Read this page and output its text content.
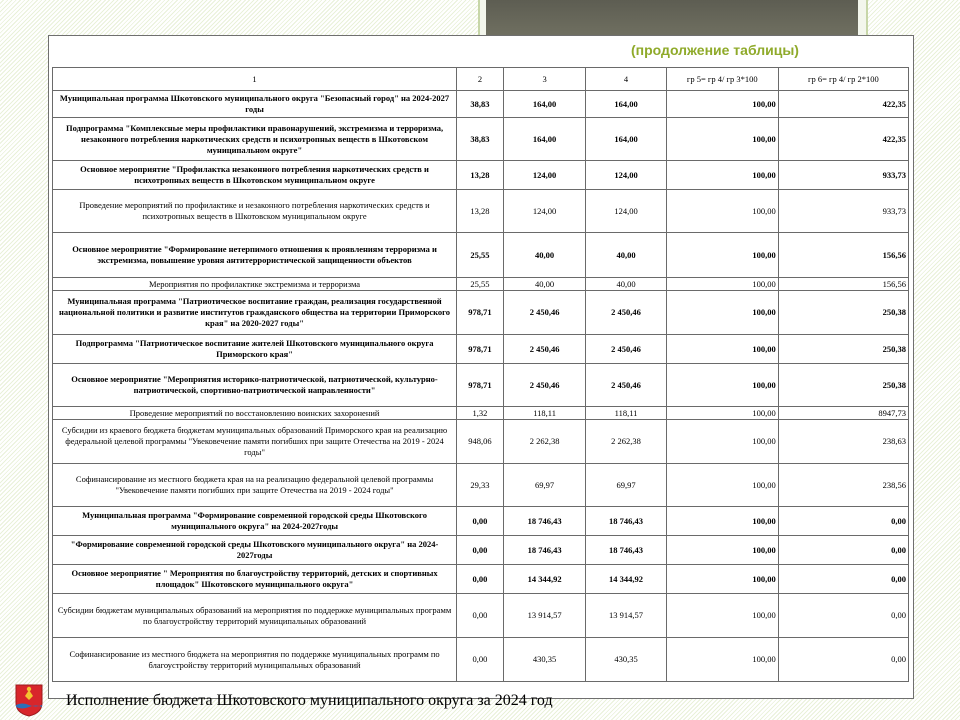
(продолжение таблицы)
1	2	3	4	гр 5= гр 4/ гр 3*100	гр 6= гр 4/ гр 2*100
Муниципальная программа Шкотовского муниципального округа "Безопасный город" на 2024-2027 годы	38,83	164,00	164,00	100,00	422,35
Подпрограмма "Комплексные меры профилактики правонарушений, экстремизма и терроризма, незаконного потребления наркотических средств и психотропных веществ в Шкотовском муниципальном округе"	38,83	164,00	164,00	100,00	422,35
Основное мероприятие "Профилактка незаконного потребления наркотических средств и психотропных веществ в Шкотовском муниципальном округе	13,28	124,00	124,00	100,00	933,73
Проведение мероприятий по профилактике и незаконного потребления наркотических средств и психотропных веществ в Шкотовском муниципальном округе	13,28	124,00	124,00	100,00	933,73
Основное мероприятие "Формирование нетерпимого отношения к проявлениям терроризма и экстремизма, повышение уровня антитеррористической защищенности объектов	25,55	40,00	40,00	100,00	156,56
Мероприятия по профилактике экстремизма и терроризма	25,55	40,00	40,00	100,00	156,56
Муниципальная программа "Патриотическое воспитание граждан, реализация государственной национальной политики и развитие институтов гражданского общества на территории Приморского края" на 2020-2027 годы"	978,71	2 450,46	2 450,46	100,00	250,38
Подпрограмма "Патриотическое воспитание жителей Шкотовского муниципального округа Приморского края"	978,71	2 450,46	2 450,46	100,00	250,38
Основное мероприятие "Мероприятия историко-патриотической, патриотической, культурно-патриотической, спортивно-патриотической направленности"	978,71	2 450,46	2 450,46	100,00	250,38
Проведение мероприятий по восстановлению воинских захоронений	1,32	118,11	118,11	100,00	8947,73
Субсидии из краевого бюджета бюджетам муниципальных образований Приморского края на реализацию федеральной целевой программы "Увековечение памяти погибших при защите Отечества на 2019 - 2024 годы"	948,06	2 262,38	2 262,38	100,00	238,63
Софинансирование из местного бюджета края на на реализацию федеральной целевой программы "Увековечение памяти погибших при защите Отечества на 2019 - 2024 годы"	29,33	69,97	69,97	100,00	238,56
Муниципальная программа "Формирование современной городской среды Шкотовского муниципального округа" на 2024-2027годы	0,00	18 746,43	18 746,43	100,00	0,00
"Формирование современной городской среды Шкотовского муниципального округа" на 2024-2027годы	0,00	18 746,43	18 746,43	100,00	0,00
Основное мероприятие " Мероприятия по благоустройству территорий, детских и спортивных площадок" Шкотовского муниципального округа"	0,00	14 344,92	14 344,92	100,00	0,00
Субсидии бюджетам муниципальных образований на мероприятия по поддержке муниципальных программ по благоустройству территорий муниципальных образований	0,00	13 914,57	13 914,57	100,00	0,00
Софинансирование из местного бюджета на мероприятия по поддержке муниципальных программ по благоустройству территорий муниципальных образований	0,00	430,35	430,35	100,00	0,00
Исполнение бюджета Шкотовского муниципального округа за 2024 год
